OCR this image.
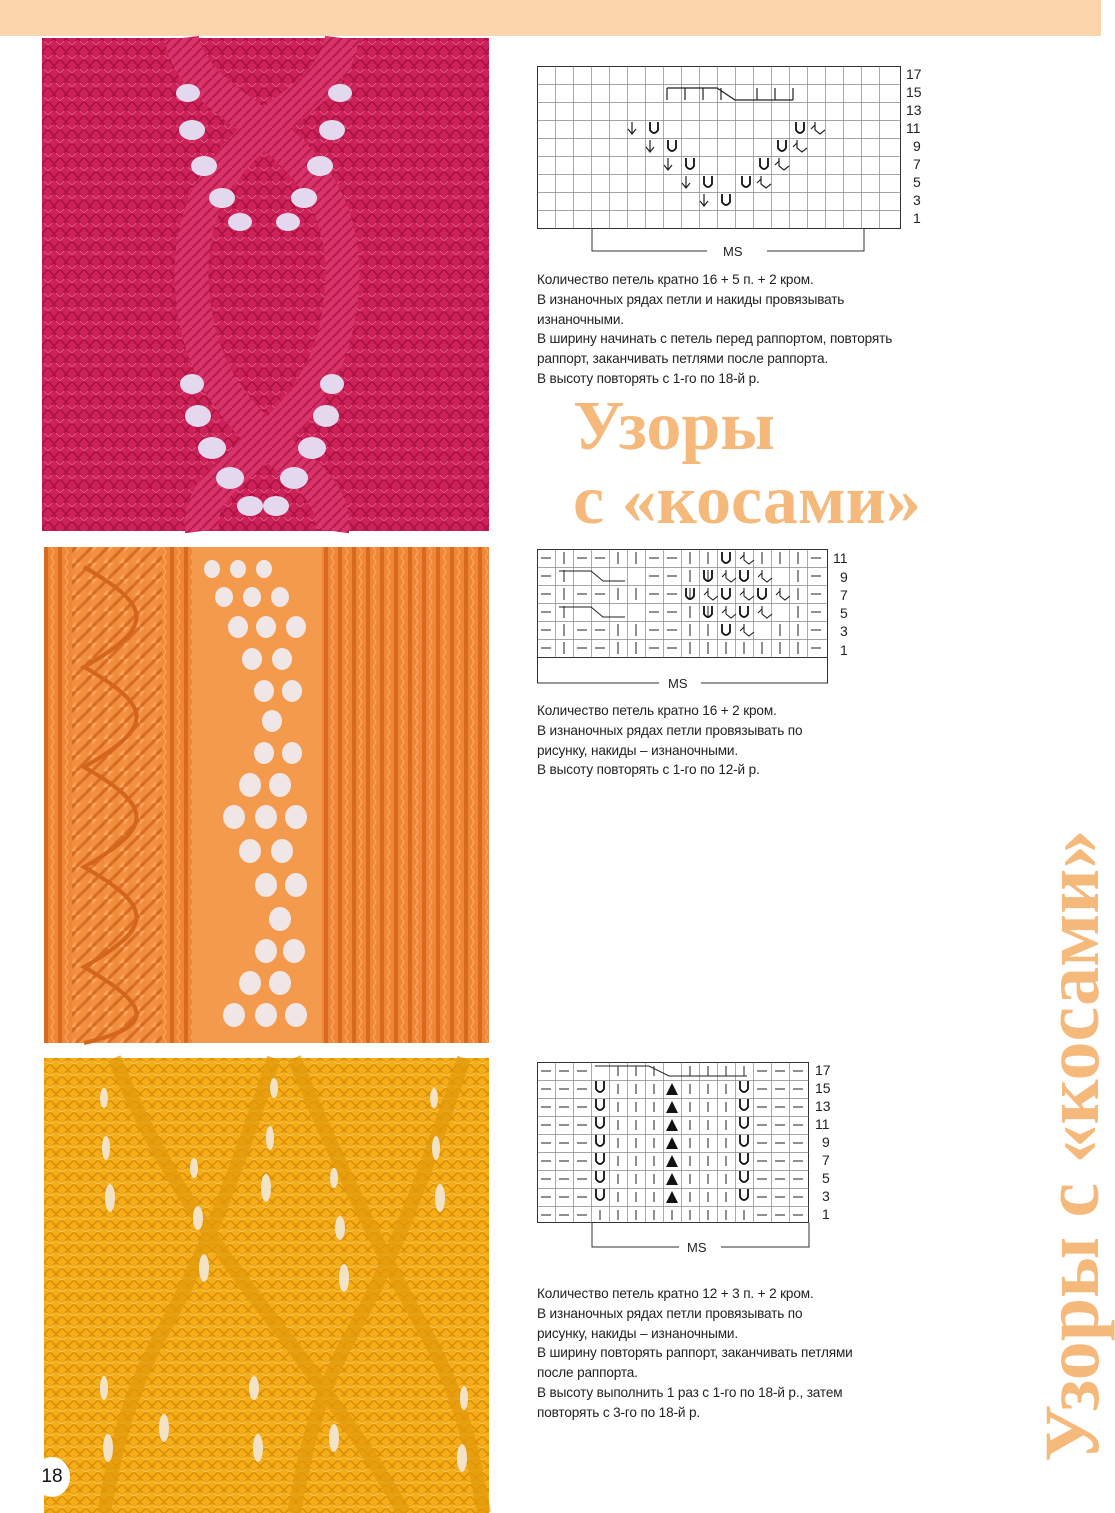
MS
17
15
13
11
9
7
5
3
1
Количество петель кратно 16 + 5 п. + 2 кром.
В изнаночных рядах петли и накиды провязывать
изнаночными.
В ширину начинать с петель перед раппортом, повторять
раппорт, заканчивать петлями после раппорта.
В высоту повторять с 1-го по 18-й р.
Узоры
с «косами»
MS
11
9
7
5
3
1
Количество петель кратно 16 + 2 кром.
В изнаночных рядах петли провязывать по
рисунку, накиды – изнаночными.
В высоту повторять с 1-го по 12-й р.
MS
17
15
13
11
9
7
5
3
1
Количество петель кратно 12 + 3 п. + 2 кром.
В изнаночных рядах петли провязывать по
рисунку, накиды – изнаночными.
В ширину повторять раппорт, заканчивать петлями
после раппорта.
В высоту выполнить 1 раз с 1-го по 18-й р., затем
повторять с 3-го по 18-й р.	Узоры с «косами»
18
